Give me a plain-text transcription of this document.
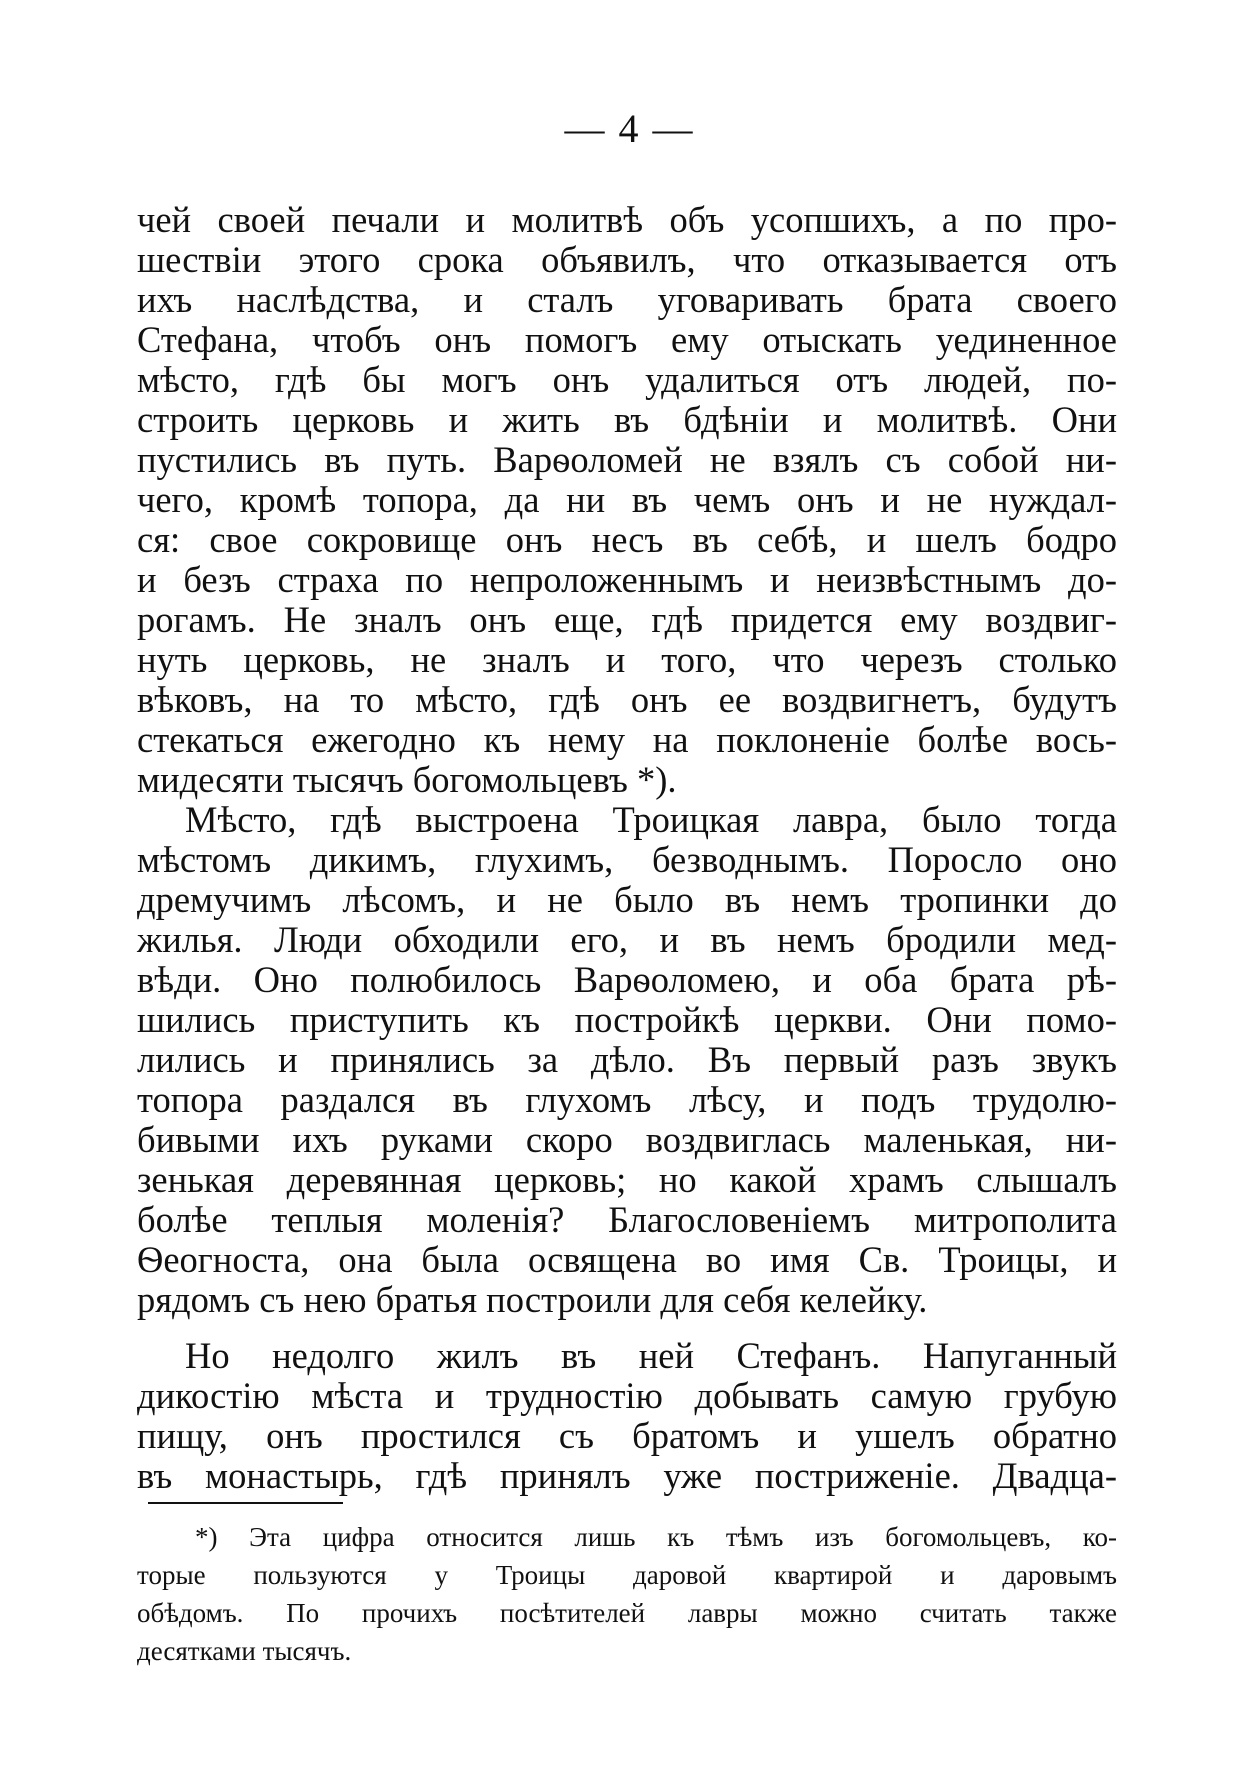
— 4 —
чей своей печали и молитвѣ объ усопшихъ, а по про-
шествіи этого срока объявилъ, что отказывается отъ
ихъ наслѣдства, и сталъ уговаривать брата своего
Стефана, чтобъ онъ помогъ ему отыскать уединенное
мѣсто, гдѣ бы могъ онъ удалиться отъ людей, по-
строить церковь и жить въ бдѣніи и молитвѣ. Они
пустились въ путь. Варѳоломей не взялъ съ собой ни-
чего, кромѣ топора, да ни въ чемъ онъ и не нуждал-
ся: свое сокровище онъ несъ въ себѣ, и шелъ бодро
и безъ страха по непроложеннымъ и неизвѣстнымъ до-
рогамъ. Не зналъ онъ еще, гдѣ придется ему воздвиг-
нуть церковь, не зналъ и того, что черезъ столько
вѣковъ, на то мѣсто, гдѣ онъ ее воздвигнетъ, будутъ
стекаться ежегодно къ нему на поклоненіе болѣе вось-
мидесяти тысячъ богомольцевъ *).
Мѣсто, гдѣ выстроена Троицкая лавра, было тогда
мѣстомъ дикимъ, глухимъ, безводнымъ. Поросло оно
дремучимъ лѣсомъ, и не было въ немъ тропинки до
жилья. Люди обходили его, и въ немъ бродили мед-
вѣди. Оно полюбилось Варѳоломею, и оба брата рѣ-
шились приступить къ постройкѣ церкви. Они помо-
лились и принялись за дѣло. Въ первый разъ звукъ
топора раздался въ глухомъ лѣсу, и подъ трудолю-
бивыми ихъ руками скоро воздвиглась маленькая, ни-
зенькая деревянная церковь; но какой храмъ слышалъ
болѣе теплыя моленія? Благословеніемъ митрополита
Ѳеогноста, она была освящена во имя Св. Троицы, и
рядомъ съ нею братья построили для себя келейку.
Но недолго жилъ въ ней Стефанъ. Напуганный
дикостію мѣста и трудностію добывать самую грубую
пищу, онъ простился съ братомъ и ушелъ обратно
въ монастырь, гдѣ принялъ уже постриженіе. Двадца-
*) Эта цифра относится лишь къ тѣмъ изъ богомольцевъ, ко-
торые пользуются у Троицы даровой квартирой и даровымъ
обѣдомъ. По прочихъ посѣтителей лавры можно считать также
десятками тысячъ.
